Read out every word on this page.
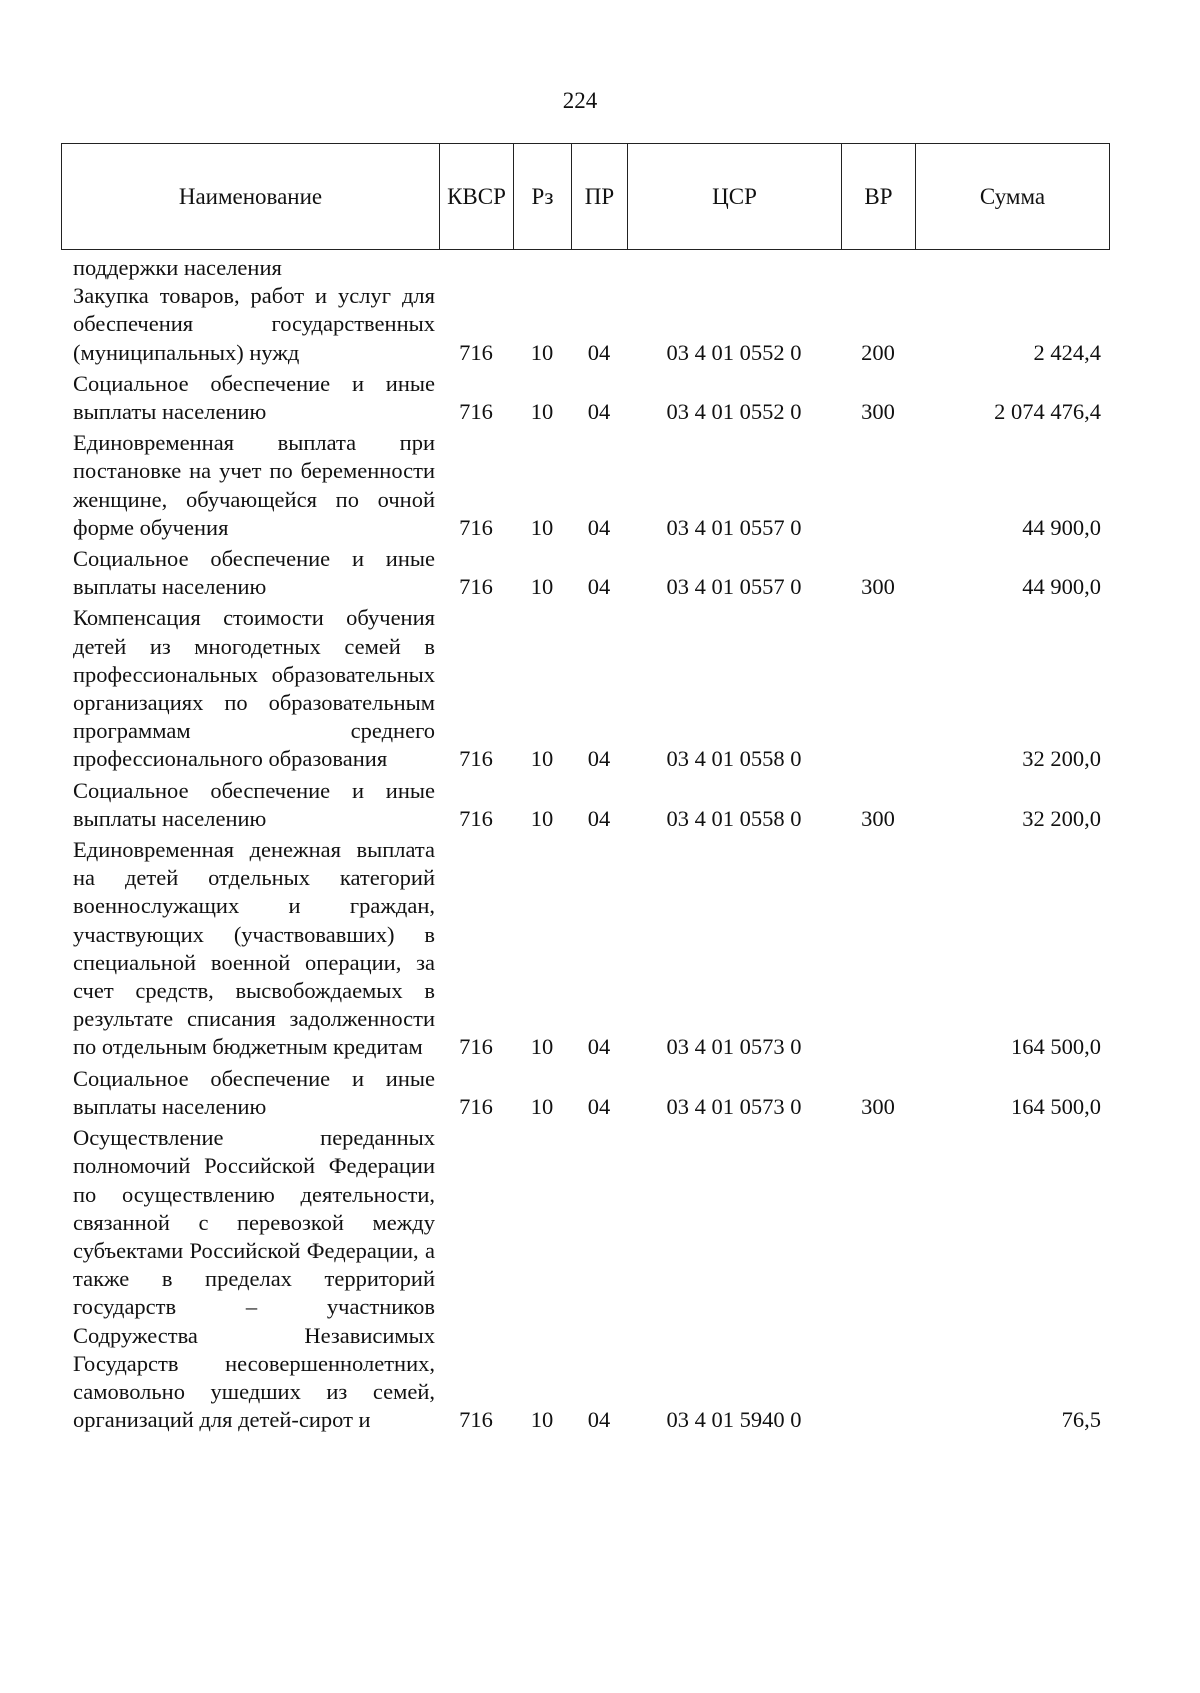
224
Наименование	КВСР	Рз	ПР	ЦСР	ВР	Сумма
поддержки населения						
Закупка товаров, работ и услуг для обеспечения государственных (муниципальных) нужд	716	10	04	03 4 01 0552 0	200	2 424,4
Социальное обеспечение и иные выплаты населению	716	10	04	03 4 01 0552 0	300	2 074 476,4
Единовременная выплата при постановке на учет по беременности женщине, обучающейся по очной форме обучения	716	10	04	03 4 01 0557 0		44 900,0
Социальное обеспечение и иные выплаты населению	716	10	04	03 4 01 0557 0	300	44 900,0
Компенсация стоимости обучения детей из многодетных семей в профессиональных образовательных организациях по образовательным программам среднего профессионального образования	716	10	04	03 4 01 0558 0		32 200,0
Социальное обеспечение и иные выплаты населению	716	10	04	03 4 01 0558 0	300	32 200,0
Единовременная денежная выплата на детей отдельных категорий военнослужащих и граждан, участвующих (участвовавших) в специальной военной операции, за счет средств, высвобождаемых в результате списания задолженности по отдельным бюджетным кредитам	716	10	04	03 4 01 0573 0		164 500,0
Социальное обеспечение и иные выплаты населению	716	10	04	03 4 01 0573 0	300	164 500,0
Осуществление переданных полномочий Российской Федерации по осуществлению деятельности, связанной с перевозкой между субъектами Российской Федерации, а также в пределах территорий государств – участников Содружества Независимых Государств несовершеннолетних, самовольно ушедших из семей, организаций для детей-сирот и	716	10	04	03 4 01 5940 0		76,5
